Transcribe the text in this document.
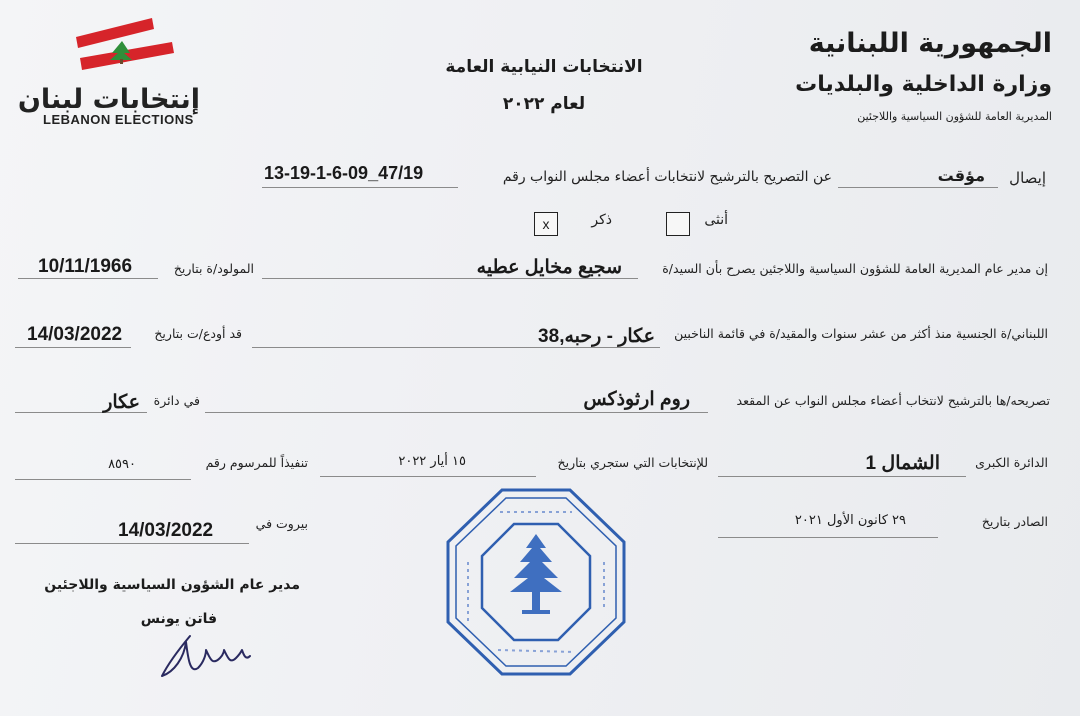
إنتخابات لبنان
LEBANON ELECTIONS
الانتخابات النيابية العامة
لعام ٢٠٢٢
الجمهورية اللبنانية
وزارة الداخلية والبلديات
المديرية العامة للشؤون السياسية واللاجئين
إيصال
مؤقت
عن التصريح بالترشيح لانتخابات أعضاء مجلس النواب رقم
13-19-1-6-09_47/19
أنثى
ذكر
x
إن مدير عام المديرية العامة للشؤون السياسية واللاجئين يصرح بأن السيد/ة
سجيع مخايل عطيه
المولود/ة بتاريخ
10/11/1966
اللبناني/ة الجنسية منذ أكثر من عشر سنوات والمقيد/ة في قائمة الناخبين
عكار - رحبه,38
قد أودع/ت بتاريخ
14/03/2022
تصريحه/ها بالترشيح لانتخاب أعضاء مجلس النواب عن المقعد
روم ارثوذكس
في دائرة
عكار
الدائرة الكبرى
الشمال 1
للإنتخابات التي ستجري بتاريخ
١٥ أيار ٢٠٢٢
تنفيذاً للمرسوم رقم
٨٥٩٠
الصادر بتاريخ
٢٩ كانون الأول ٢٠٢١
بيروت في
14/03/2022
مدير عام الشؤون السياسية واللاجئين
فاتن يونس
